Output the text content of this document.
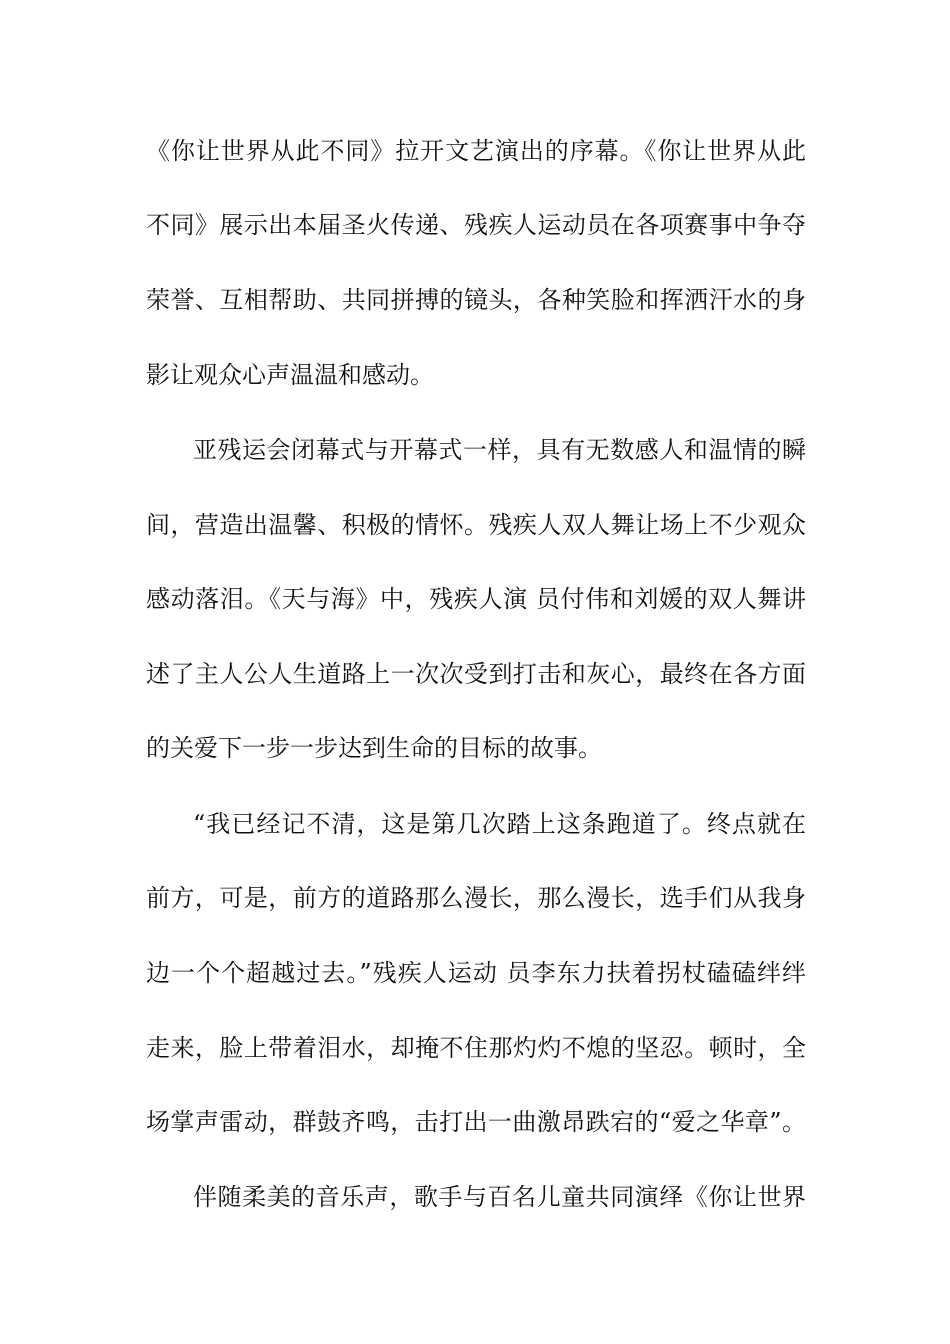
《你让世界从此不同》拉开文艺演出的序幕。《你让世界从此
不同》展示出本届圣火传递、残疾人运动员在各项赛事中争夺
荣誉、互相帮助、共同拼搏的镜头，各种笑脸和挥洒汗水的身
影让观众心声温温和感动。
亚残运会闭幕式与开幕式一样，具有无数感人和温情的瞬
间，营造出温馨、积极的情怀。残疾人双人舞让场上不少观众
感动落泪。《天与海》中，残疾人演 员付伟和刘媛的双人舞讲
述了主人公人生道路上一次次受到打击和灰心，最终在各方面
的关爱下一步一步达到生命的目标的故事。
“我已经记不清，这是第几次踏上这条跑道了。终点就在
前方，可是，前方的道路那么漫长，那么漫长，选手们从我身
边一个个超越过去。”残疾人运动 员李东力扶着拐杖磕磕绊绊
走来，脸上带着泪水，却掩不住那灼灼不熄的坚忍。顿时，全
场掌声雷动，群鼓齐鸣，击打出一曲激昂跌宕的“爱之华章”。
伴随柔美的音乐声，歌手与百名儿童共同演绎《你让世界
